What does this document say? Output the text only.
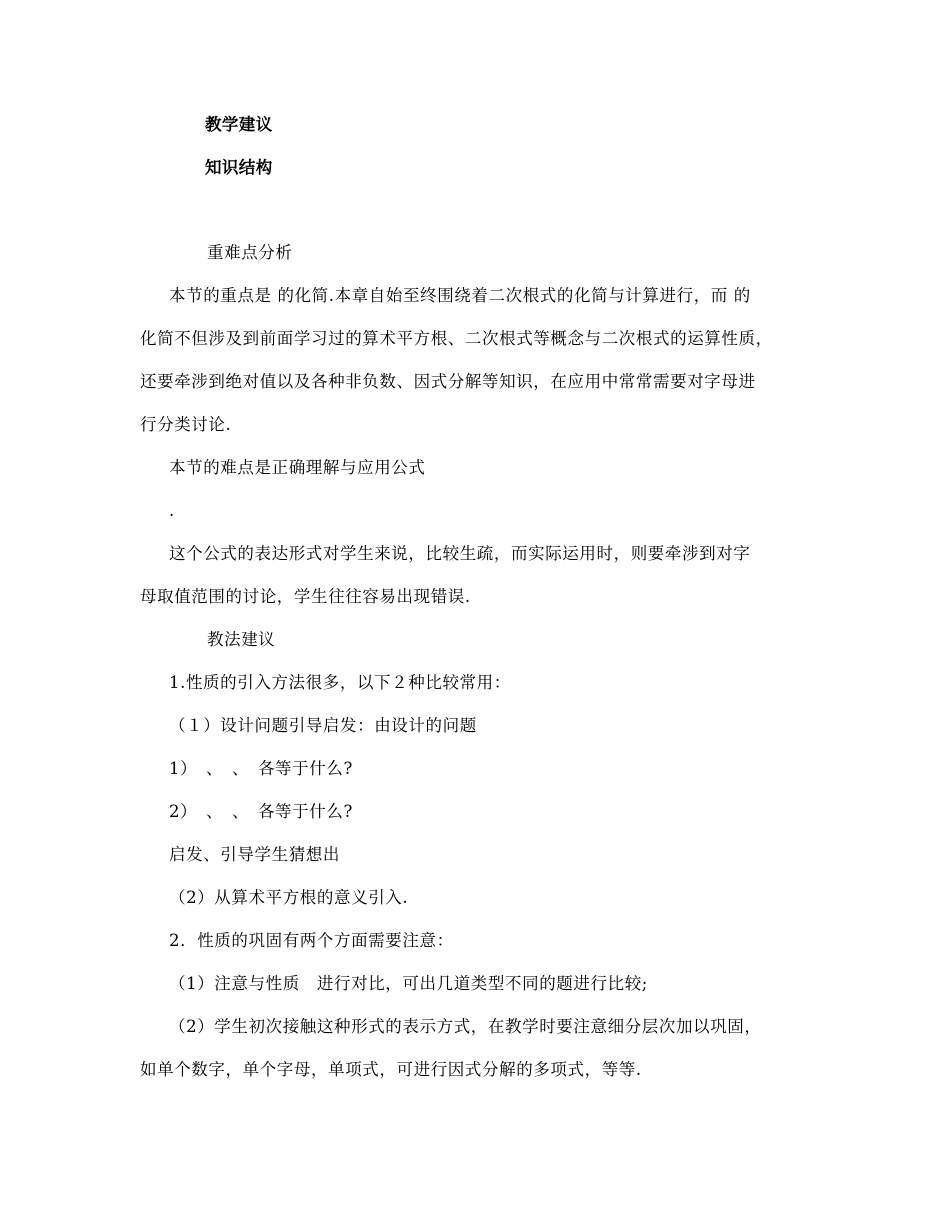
教学建议
知识结构
重难点分析
本节的重点是 的化简.本章自始至终围绕着二次根式的化简与计算进行，而 的
化简不但涉及到前面学习过的算术平方根、二次根式等概念与二次根式的运算性质，
还要牵涉到绝对值以及各种非负数、因式分解等知识，在应用中常常需要对字母进
行分类讨论.
本节的难点是正确理解与应用公式
.
这个公式的表达形式对学生来说，比较生疏，而实际运用时，则要牵涉到对字
母取值范围的讨论，学生往往容易出现错误.
教法建议
1.性质的引入方法很多，以下２种比较常用：
（１）设计问题引导启发：由设计的问题
1）　、　、　各等于什么?
2）　、　、　各等于什么?
启发、引导学生猜想出
（2）从算术平方根的意义引入.
2．性质的巩固有两个方面需要注意：
（1）注意与性质　进行对比，可出几道类型不同的题进行比较;
（2）学生初次接触这种形式的表示方式，在教学时要注意细分层次加以巩固，
如单个数字，单个字母，单项式，可进行因式分解的多项式，等等.
